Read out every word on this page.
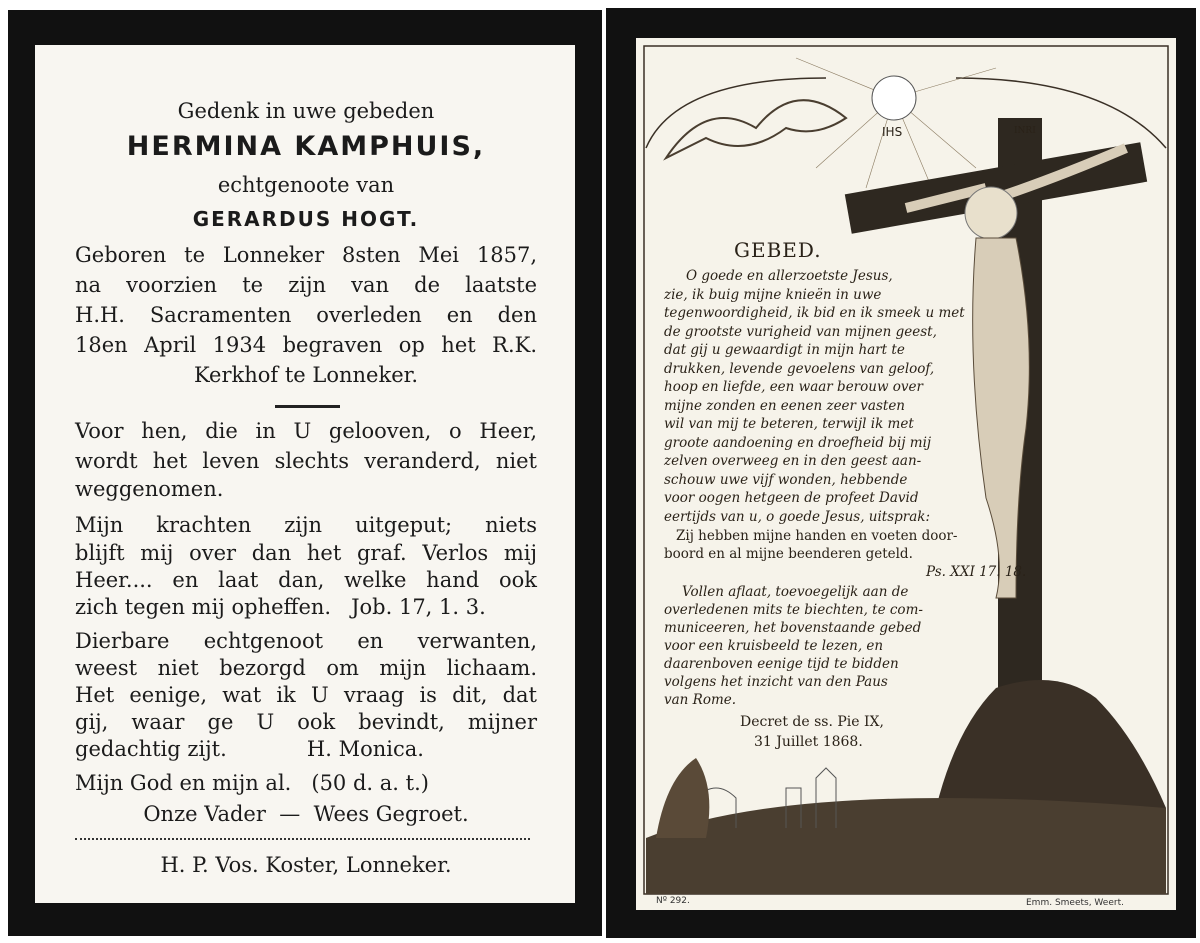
Gedenk in uwe gebeden
HERMINA KAMPHUIS,
echtgenoote van
GERARDUS HOGT.
Geboren te Lonneker 8sten Mei 1857,
na voorzien te zijn van de laatste
H.H. Sacramenten overleden en den
18en April 1934 begraven op het R.K.
Kerkhof te Lonneker.
Voor hen, die in U gelooven, o Heer,
wordt het leven slechts veranderd, niet
weggenomen.
Mijn krachten zijn uitgeput; niets
blijft mij over dan het graf. Verlos mij
Heer.... en laat dan, welke hand ook
zich tegen mij opheffen.   Job. 17, 1. 3.
Dierbare echtgenoot en verwanten,
weest niet bezorgd om mijn lichaam.
Het eenige, wat ik U vraag is dit, dat
gij, waar ge U ook bevindt, mijner
gedachtig zijt.            H. Monica.
Mijn God en mijn al.   (50 d. a. t.)
Onze Vader  —  Wees Gegroet.
H. P. Vos. Koster, Lonneker.
IHS	INRI
GEBED.
O goede en allerzoetste Jesus,
zie, ik buig mijne knieën in uwe
tegenwoordigheid, ik bid en ik smeek u met
de grootste vurigheid van mijnen geest,
dat gij u gewaardigt in mijn hart te
drukken, levende gevoelens van geloof,
hoop en liefde, een waar berouw over
mijne zonden en eenen zeer vasten
wil van mij te beteren, terwijl ik met
groote aandoening en droefheid bij mij
zelven overweeg en in den geest aan-
schouw uwe vijf wonden, hebbende
voor oogen hetgeen de profeet David
eertijds van u, o goede Jesus, uitsprak:
Zij hebben mijne handen en voeten door-
boord en al mijne beenderen geteld.
Vollen aflaat, toevoegelijk aan de
overledenen mits te biechten, te com-
municeeren, het bovenstaande gebed
voor een kruisbeeld te lezen, en
daarenboven eenige tijd te bidden
volgens het inzicht van den Paus
van Rome.
Ps. XXI 17. 18.
Decret de ss. Pie IX,
31 Juillet 1868.
Nº 292.	Emm. Smeets, Weert.
